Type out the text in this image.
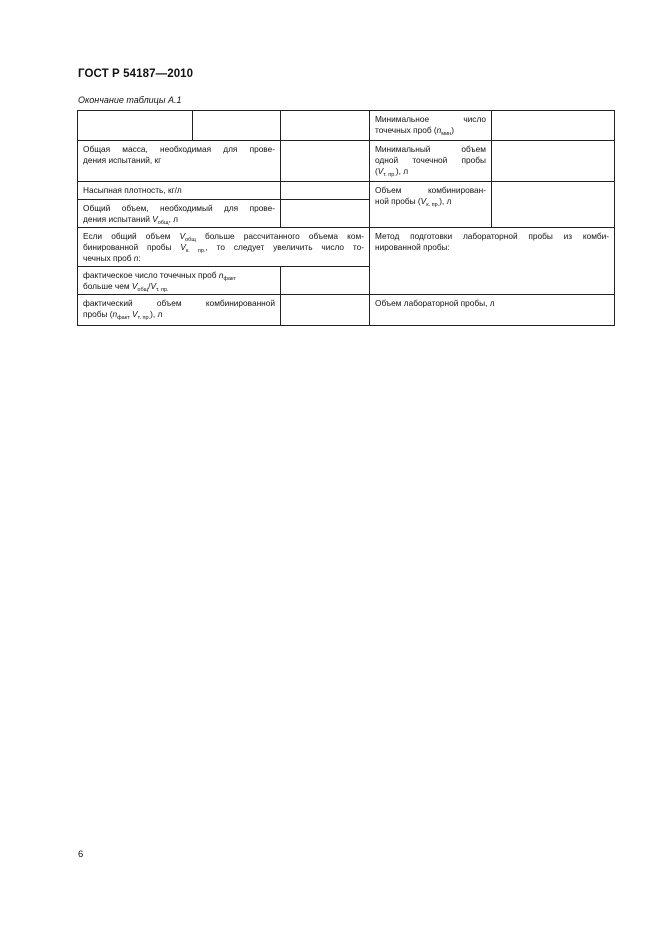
ГОСТ Р 54187—2010
Окончание таблицы А.1
Минимальное число
точечных проб $(n_{мин})$
Общая масса, необходимая для прове-
дения испытаний, кг
Минимальный объем
одной точечной пробы
$(V_{т. пр.})$, л
Насыпная плотность, кг/л	Объем комбинирован-
ной пробы $(V_{к. пр.})$, л
Общий объем, необходимый для прове-
дения испытаний $V_{общ}$, л
Если общий объем $V_{общ}$ больше рассчитанного объема ком-
бинированной пробы $V_{к. пр.}$, то следует увеличить число то-
чечных проб n:
Метод подготовки лабораторной пробы из комби-
нированной пробы:
фактическое число точечных проб $n_{факт}$
больше чем $V_{общ}/V_{т. пр.}$
фактический объем комбинированной
пробы ($n_{факт}$ $V_{т. пр.}$), л
Объем лабораторной пробы, л
6
